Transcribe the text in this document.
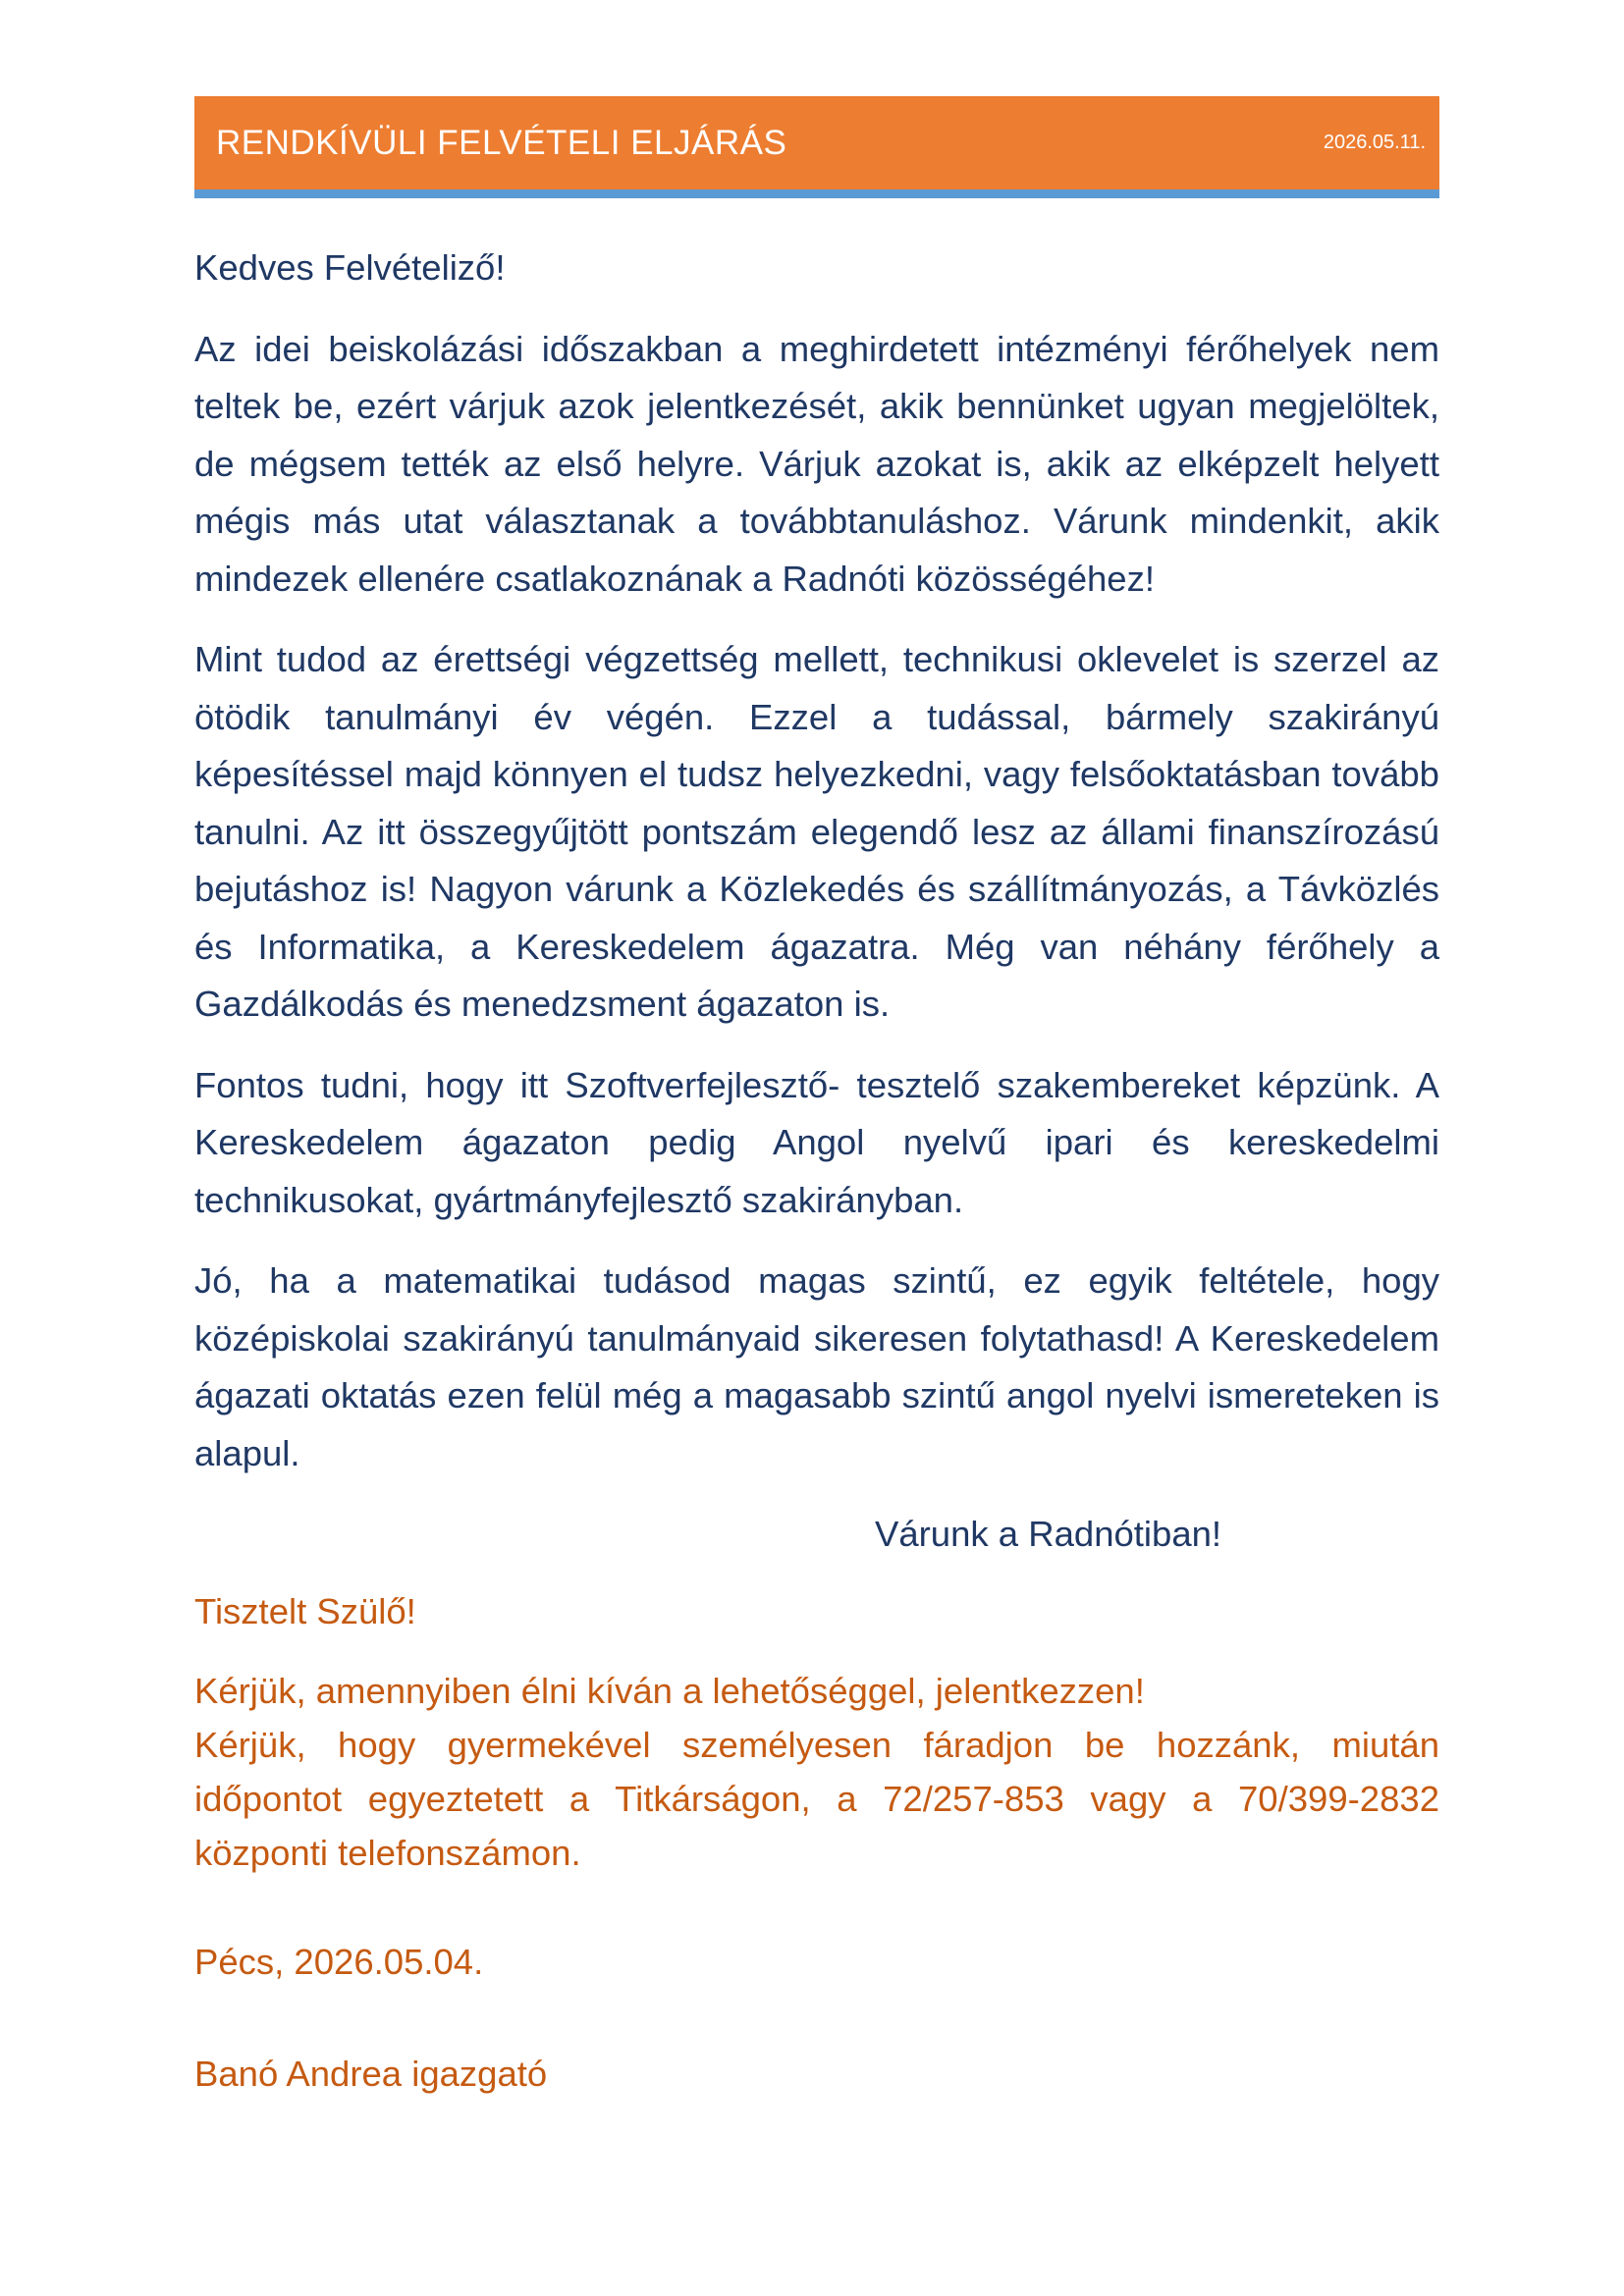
RENDKÍVÜLI FELVÉTELI ELJÁRÁS	2026.05.11.

Kedves Felvételiző!

Az idei beiskolázási időszakban a meghirdetett intézményi férőhelyek nem teltek be, ezért várjuk azok jelentkezését, akik bennünket ugyan megjelöltek, de mégsem tették az első helyre. Várjuk azokat is, akik az elképzelt helyett mégis más utat választanak a továbbtanuláshoz. Várunk mindenkit, akik mindezek ellenére csatlakoznának a Radnóti közösségéhez!

Mint tudod az érettségi végzettség mellett, technikusi oklevelet is szerzel az ötödik tanulmányi év végén. Ezzel a tudással, bármely szakirányú képesítéssel majd könnyen el tudsz helyezkedni, vagy felsőoktatásban tovább tanulni. Az itt összegyűjtött pontszám elegendő lesz az állami finanszírozású bejutáshoz is! Nagyon várunk a Közlekedés és szállítmányozás, a Távközlés és Informatika, a Kereskedelem ágazatra. Még van néhány férőhely a Gazdálkodás és menedzsment ágazaton is.

Fontos tudni, hogy itt Szoftverfejlesztő- tesztelő szakembereket képzünk. A Kereskedelem ágazaton pedig Angol nyelvű ipari és kereskedelmi technikusokat, gyártmányfejlesztő szakirányban.

Jó, ha a matematikai tudásod magas szintű, ez egyik feltétele, hogy középiskolai szakirányú tanulmányaid sikeresen folytathasd! A Kereskedelem ágazati oktatás ezen felül még a magasabb szintű angol nyelvi ismereteken is alapul.

Várunk a Radnótiban!

Tisztelt Szülő!

Kérjük, amennyiben élni kíván a lehetőséggel, jelentkezzen!

Kérjük, hogy gyermekével személyesen fáradjon be hozzánk, miután időpontot egyeztetett a Titkárságon, a 72/257-853 vagy a 70/399-2832 központi telefonszámon.

Pécs, 2026.05.04.

Banó Andrea igazgató
